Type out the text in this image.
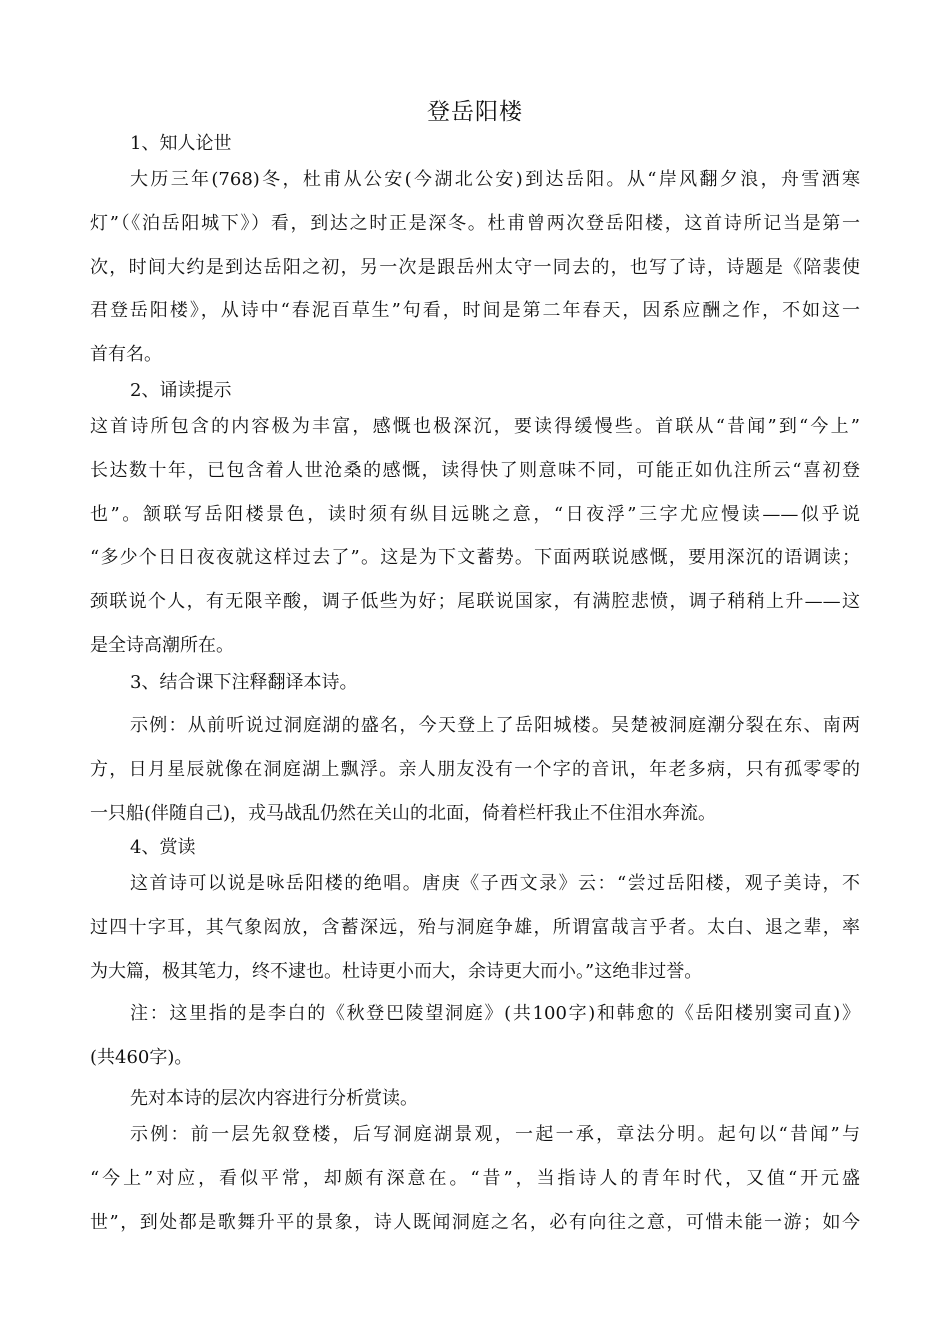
登岳阳楼
1、知人论世
大历三年(768)冬，杜甫从公安(今湖北公安)到达岳阳。从“岸风翻夕浪，舟雪洒寒
灯”（《泊岳阳城下》）看，到达之时正是深冬。杜甫曾两次登岳阳楼，这首诗所记当是第一
次，时间大约是到达岳阳之初，另一次是跟岳州太守一同去的，也写了诗，诗题是《陪裴使
君登岳阳楼》，从诗中“春泥百草生”句看，时间是第二年春天，因系应酬之作，不如这一
首有名。
2、诵读提示
这首诗所包含的内容极为丰富，感慨也极深沉，要读得缓慢些。首联从“昔闻”到“今上”
长达数十年，已包含着人世沧桑的感慨，读得快了则意味不同，可能正如仇注所云“喜初登
也”。颔联写岳阳楼景色，读时须有纵目远眺之意，“日夜浮”三字尤应慢读——似乎说
“多少个日日夜夜就这样过去了”。这是为下文蓄势。下面两联说感慨，要用深沉的语调读；
颈联说个人，有无限辛酸，调子低些为好；尾联说国家，有满腔悲愤，调子稍稍上升——这
是全诗高潮所在。
3、结合课下注释翻译本诗。
示例：从前听说过洞庭湖的盛名，今天登上了岳阳城楼。吴楚被洞庭潮分裂在东、南两
方，日月星辰就像在洞庭湖上飘浮。亲人朋友没有一个字的音讯，年老多病，只有孤零零的
一只船(伴随自己)，戎马战乱仍然在关山的北面，倚着栏杆我止不住泪水奔流。
4、赏读
这首诗可以说是咏岳阳楼的绝唱。唐庚《子西文录》云：“尝过岳阳楼，观子美诗，不
过四十字耳，其气象闳放，含蓄深远，殆与洞庭争雄，所谓富哉言乎者。太白、退之辈，率
为大篇，极其笔力，终不逮也。杜诗更小而大，余诗更大而小。”这绝非过誉。
注：这里指的是李白的《秋登巴陵望洞庭》(共100字)和韩愈的《岳阳楼别窦司直)》
(共460字)。
先对本诗的层次内容进行分析赏读。
示例：前一层先叙登楼，后写洞庭湖景观，一起一承，章法分明。起句以“昔闻”与
“今上”对应，看似平常，却颇有深意在。“昔”，当指诗人的青年时代，又值“开元盛
世”，到处都是歌舞升平的景象，诗人既闻洞庭之名，必有向往之意，可惜未能一游；如今
